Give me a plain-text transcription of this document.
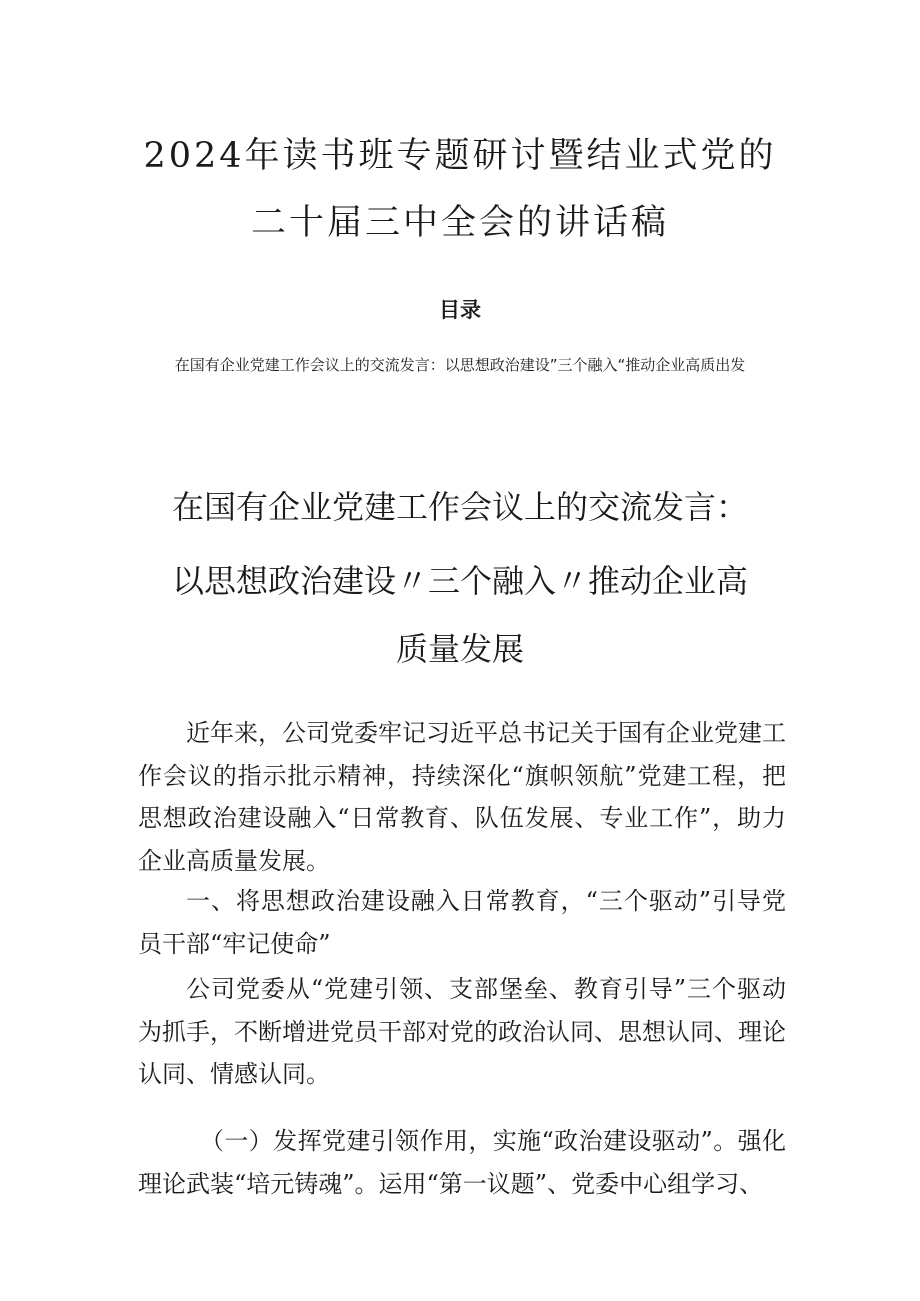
2024年读书班专题研讨暨结业式党的
二十届三中全会的讲话稿
目录
在国有企业党建工作会议上的交流发言：以思想政治建设”三个融入“推动企业高质出发
在国有企业党建工作会议上的交流发言：
以思想政治建设〃三个融入〃推动企业高
质量发展

近年来，公司党委牢记习近平总书记关于国有企业党建工作会议的指示批示精神，持续深化“旗帜领航”党建工程，把思想政治建设融入“日常教育、队伍发展、专业工作”，助力企业高质量发展。

一、将思想政治建设融入日常教育，“三个驱动”引导党员干部“牢记使命”

公司党委从“党建引领、支部堡垒、教育引导”三个驱动为抓手，不断增进党员干部对党的政治认同、思想认同、理论认同、情感认同。

（一）发挥党建引领作用，实施“政治建设驱动”。强化理论武装“培元铸魂”。运用“第一议题”、党委中心组学习、
